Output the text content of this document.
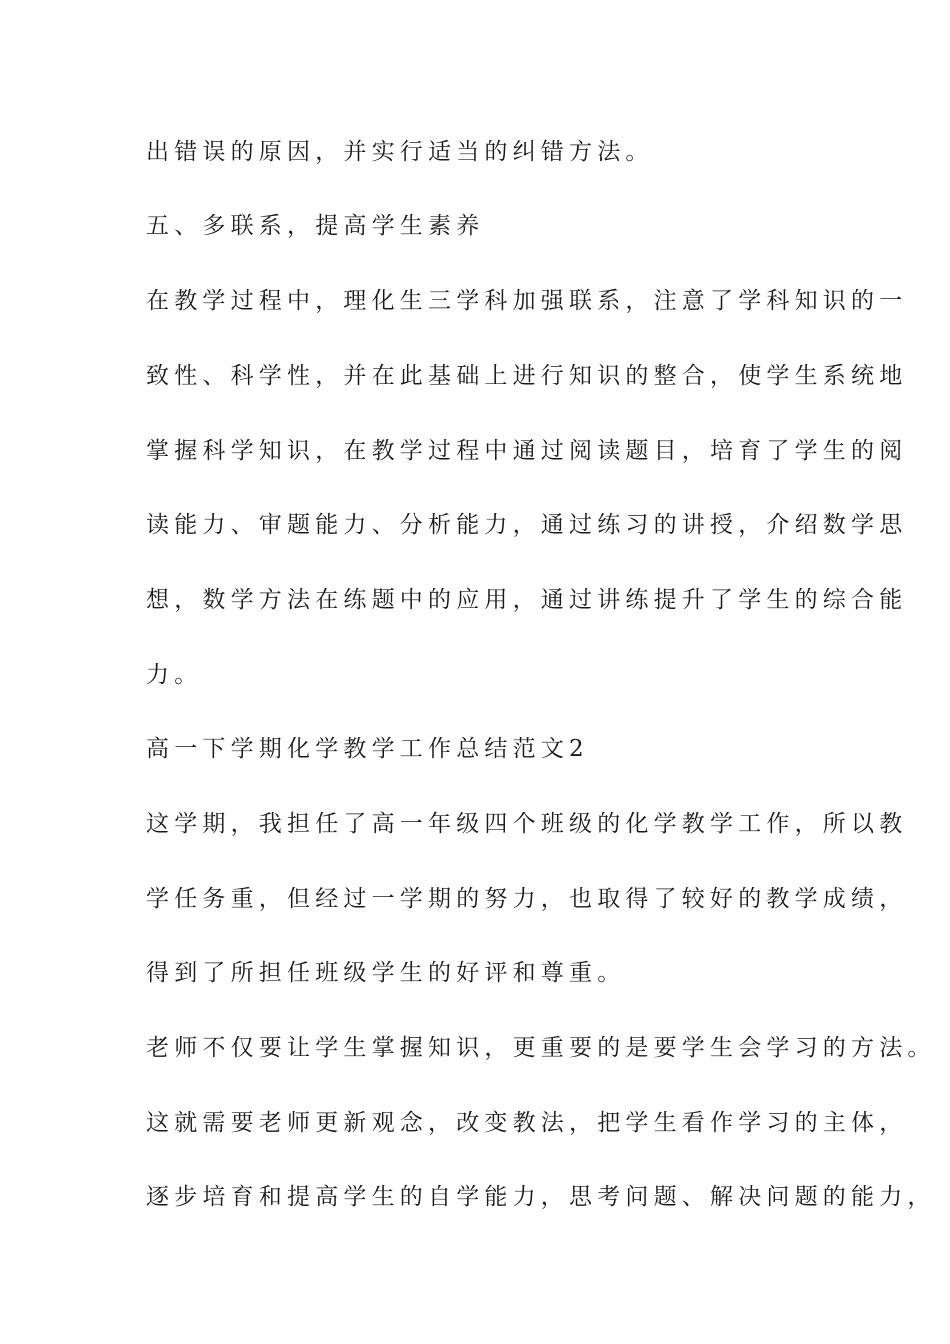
出错误的原因，并实行适当的纠错方法。
五、多联系，提高学生素养
在教学过程中，理化生三学科加强联系，注意了学科知识的一
致性、科学性，并在此基础上进行知识的整合，使学生系统地
掌握科学知识，在教学过程中通过阅读题目，培育了学生的阅
读能力、审题能力、分析能力，通过练习的讲授，介绍数学思
想，数学方法在练题中的应用，通过讲练提升了学生的综合能
力。
高一下学期化学教学工作总结范文2
这学期，我担任了高一年级四个班级的化学教学工作，所以教
学任务重，但经过一学期的努力，也取得了较好的教学成绩，
得到了所担任班级学生的好评和尊重。
老师不仅要让学生掌握知识，更重要的是要学生会学习的方法。
这就需要老师更新观念，改变教法，把学生看作学习的主体，
逐步培育和提高学生的自学能力，思考问题、解决问题的能力，
